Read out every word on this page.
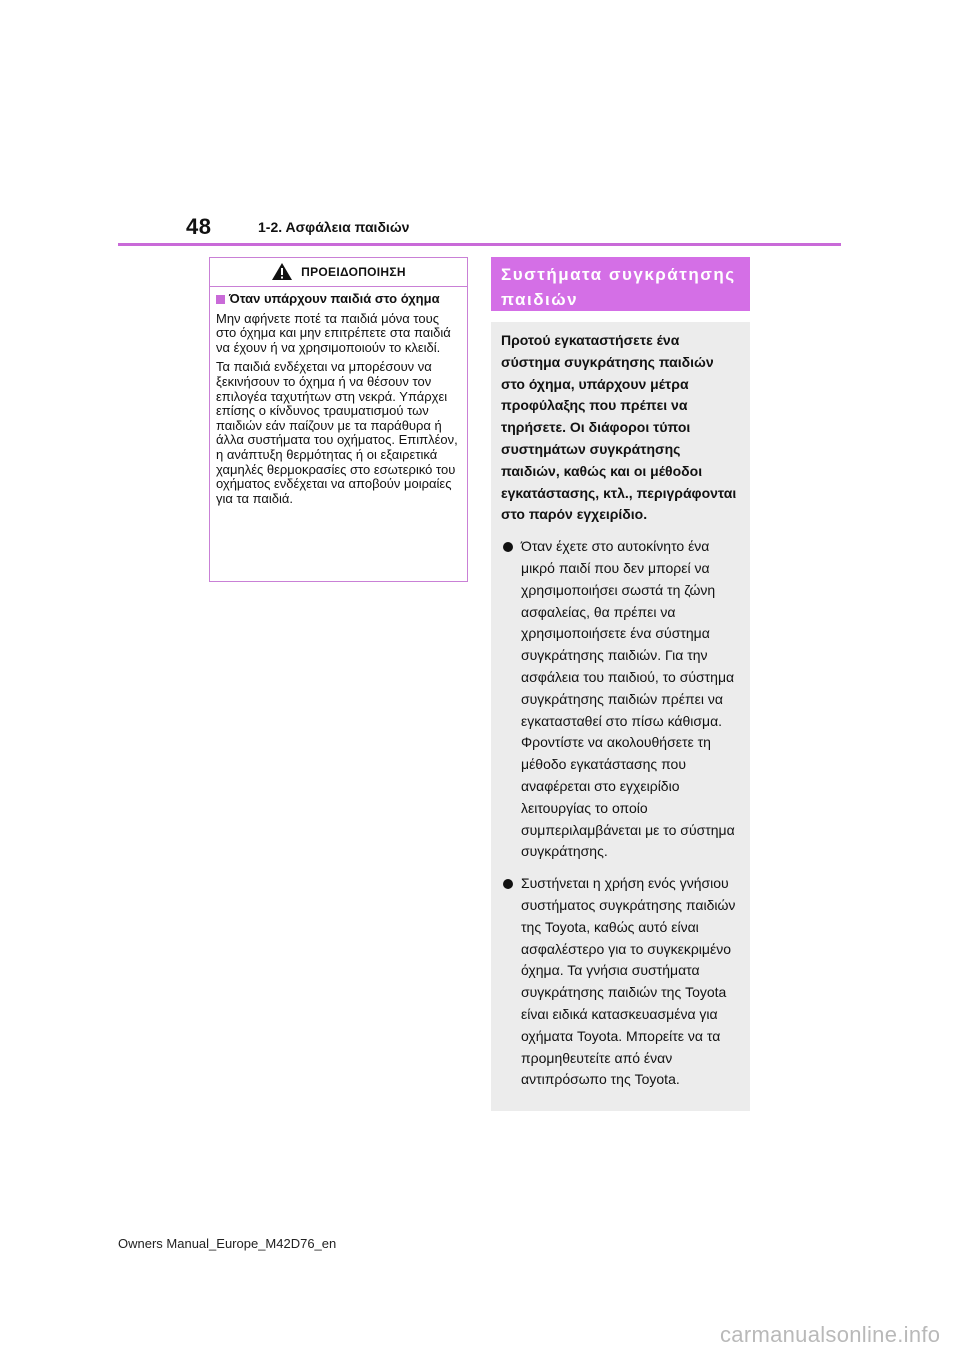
48	1-2. Ασφάλεια παιδιών
ΠΡΟΕΙΔΟΠΟΙΗΣΗ
Όταν υπάρχουν παιδιά στο όχημα

Μην αφήνετε ποτέ τα παιδιά μόνα τους στο όχημα και μην επιτρέπετε στα παιδιά να έχουν ή να χρησιμοποιούν το κλειδί.

Τα παιδιά ενδέχεται να μπορέσουν να ξεκινήσουν το όχημα ή να θέσουν τον επιλογέα ταχυτήτων στη νεκρά. Υπάρχει επίσης ο κίνδυνος τραυματισμού των παιδιών εάν παίζουν με τα παράθυρα ή άλλα συστήματα του οχήματος. Επιπλέον, η ανάπτυξη θερμότητας ή οι εξαιρετικά χαμηλές θερμοκρασίες στο εσωτερικό του οχήματος ενδέχεται να αποβούν μοιραίες για τα παιδιά.

Συστήματα συγκράτησης παιδιών

Προτού εγκαταστήσετε ένα σύστημα συγκράτησης παιδιών στο όχημα, υπάρχουν μέτρα προφύλαξης που πρέπει να τηρήσετε. Οι διάφοροι τύποι συστημάτων συγκράτησης παιδιών, καθώς και οι μέθοδοι εγκατάστασης, κτλ., περιγράφονται στο παρόν εγχειρίδιο.

Όταν έχετε στο αυτοκίνητο ένα μικρό παιδί που δεν μπορεί να χρησιμοποιήσει σωστά τη ζώνη ασφαλείας, θα πρέπει να χρησιμοποιήσετε ένα σύστημα συγκράτησης παιδιών. Για την ασφάλεια του παιδιού, το σύστημα συγκράτησης παιδιών πρέπει να εγκατασταθεί στο πίσω κάθισμα. Φροντίστε να ακολουθήσετε τη μέθοδο εγκατάστασης που αναφέρεται στο εγχειρίδιο λειτουργίας το οποίο συμπεριλαμβάνεται με το σύστημα συγκράτησης.
Συστήνεται η χρήση ενός γνήσιου συστήματος συγκράτησης παιδιών της Toyota, καθώς αυτό είναι ασφαλέστερο για το συγκεκριμένο όχημα. Τα γνήσια συστήματα συγκράτησης παιδιών της Toyota είναι ειδικά κατασκευασμένα για οχήματα Toyota. Μπορείτε να τα προμηθευτείτε από έναν αντιπρόσωπο της Toyota.
Owners Manual_Europe_M42D76_en
carmanualsonline.info
